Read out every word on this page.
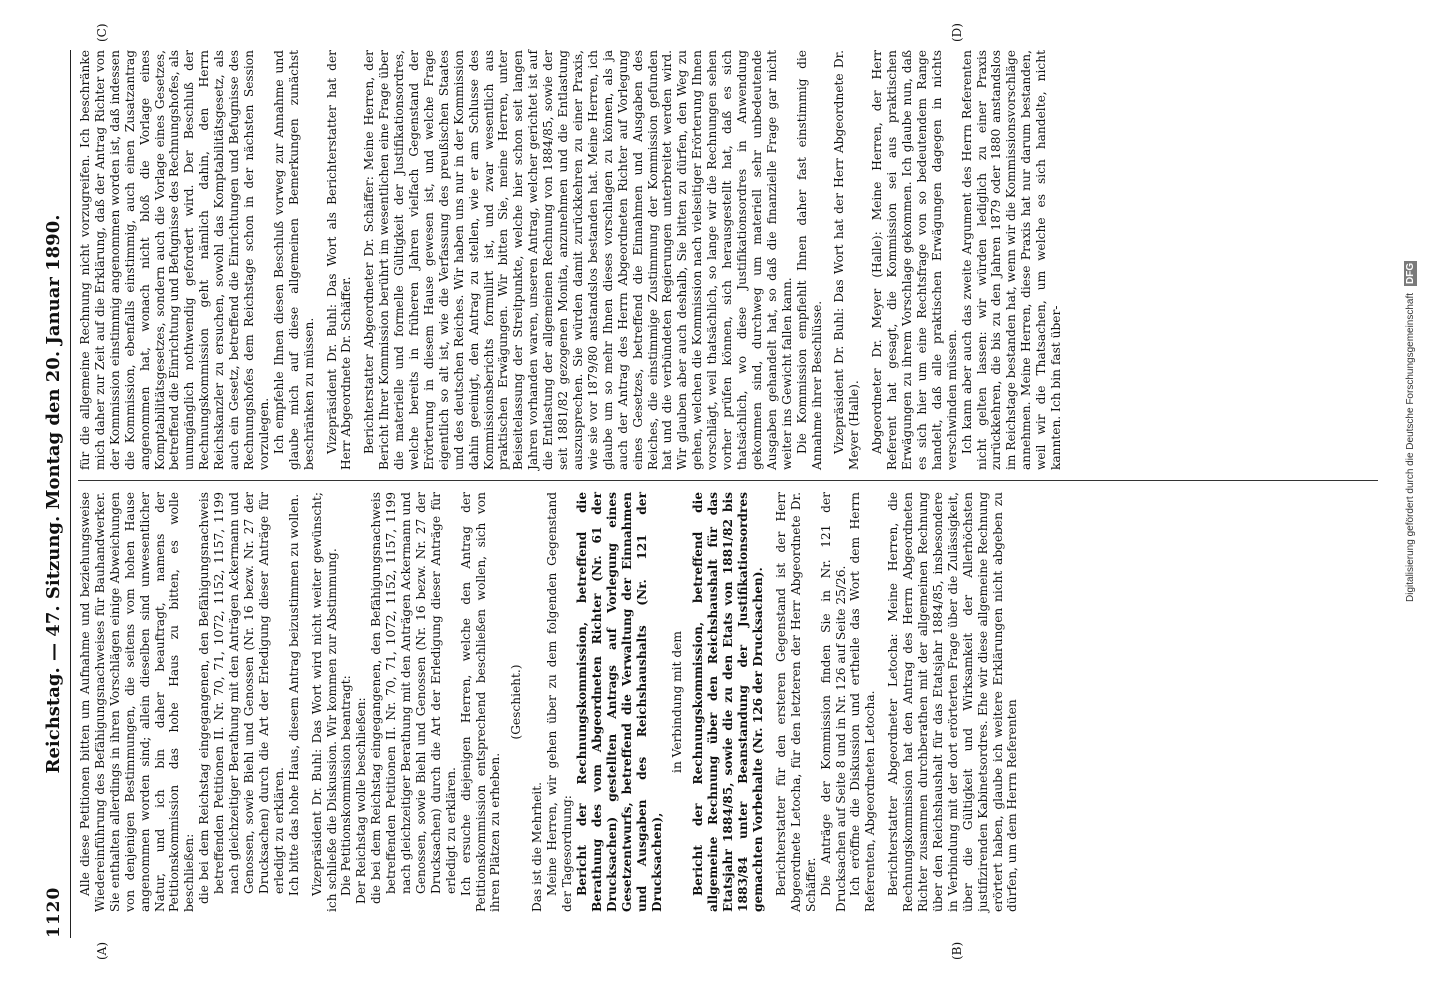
1120
Reichstag. — 47. Sitzung. Montag den 20. Januar 1890.
(A)	(B)
(C)	(D)

Alle diese Petitionen bitten um Aufnahme und beziehungsweise Wiedereinführung des Befähigungsnachweises für Bauhandwerker. Sie enthalten allerdings in ihren Vorschlägen einige Abweichungen von denjenigen Bestimmungen, die seitens vom hohen Hause angenommen worden sind; allein dieselben sind unwesentlicher Natur, und ich bin daher beauftragt, namens der Petitionskommission das hohe Haus zu bitten, es wolle beschließen: die bei dem Reichstag eingegangenen, den Befähigungsnachweis betreffenden Petitionen II. Nr. 70, 71, 1072, 1152, 1157, 1199 nach gleichzeitiger Berathung mit den Anträgen Ackermann und Genossen, sowie Biehl und Genossen (Nr. 16 bezw. Nr. 27 der Drucksachen) durch die Art der Erledigung dieser Anträge für erledigt zu erklären. Ich bitte das hohe Haus, diesem Antrag beizustimmen zu wollen. Vizepräsident Dr. Buhl: Das Wort wird nicht weiter gewünscht; ich schließe die Diskussion. Wir kommen zur Abstimmung. Die Petitionskommission beantragt: Der Reichstag wolle beschließen: die bei dem Reichstag eingegangenen, den Befähigungsnachweis betreffenden Petitionen II. Nr. 70, 71, 1072, 1152, 1157, 1199 nach gleichzeitiger Berathung mit den Anträgen Ackermann und Genossen, sowie Biehl und Genossen (Nr. 16 bezw. Nr. 27 der Drucksachen) durch die Art der Erledigung dieser Anträge für erledigt zu erklären. Ich ersuche diejenigen Herren, welche den Antrag der Petitionskommission entsprechend beschließen wollen, sich von ihren Plätzen zu erheben.

(Geschieht.)

Das ist die Mehrheit. Meine Herren, wir gehen über zu dem folgenden Gegenstand der Tagesordnung: Bericht der Rechnungskommission, betreffend die Berathung des vom Abgeordneten Richter (Nr. 61 der Drucksachen) gestellten Antrags auf Vorlegung eines Gesetzentwurfs, betreffend die Verwaltung der Einnahmen und Ausgaben des Reichshaushalts (Nr. 121 der Drucksachen),

in Verbindung mit dem Bericht der Rechnungskommission, betreffend die allgemeine Rechnung über den Reichshaushalt für das Etatsjahr 1884/85, sowie die zu den Etats von 1881/82 bis 1883/84 unter Beanstandung der Justifikationsordres gemachten Vorbehalte (Nr. 126 der Drucksachen). Berichterstatter für den ersteren Gegenstand ist der Herr Abgeordnete Letocha, für den letzteren der Herr Abgeordnete Dr. Schäffer. Die Anträge der Kommission finden Sie in Nr. 121 der Drucksachen auf Seite 8 und in Nr. 126 auf Seite 25/26. Ich eröffne die Diskussion und ertheile das Wort dem Herrn Referenten, Abgeordneten Letocha. Berichterstatter Abgeordneter Letocha: Meine Herren, die Rechnungskommission hat den Antrag des Herrn Abgeordneten Richter zusammen durchberathen mit der allgemeinen Rechnung über den Reichshaushalt für das Etatsjahr 1884/85, insbesondere in Verbindung mit der dort erörterten Frage über die Zulässigkeit, über die Gültigkeit und Wirksamkeit der Allerhöchsten justifizirenden Kabinetsordres. Ehe wir diese allgemeine Rechnung erörtert haben, glaube ich weitere Erklärungen nicht abgeben zu dürfen, um dem Herrn Referenten

für die allgemeine Rechnung nicht vorzugreifen. Ich beschränke mich daher zur Zeit auf die Erklärung, daß der Antrag Richter von der Kommission einstimmig angenommen worden ist, daß indessen die Kommission, ebenfalls einstimmig, auch einen Zusatzantrag angenommen hat, wonach nicht bloß die Vorlage eines Komptabilitätsgesetzes, sondern auch die Vorlage eines Gesetzes, betreffend die Einrichtung und Befugnisse des Rechnungshofes, als unumgänglich nothwendig gefordert wird. Der Beschluß der Rechnungskommission geht nämlich dahin, den Herrn Reichskanzler zu ersuchen, sowohl das Komptabilitätsgesetz, als auch ein Gesetz, betreffend die Einrichtungen und Befugnisse des Rechnungshofes dem Reichstage schon in der nächsten Session vorzulegen. Ich empfehle Ihnen diesen Beschluß vorweg zur Annahme und glaube mich auf diese allgemeinen Bemerkungen zunächst beschränken zu müssen. Vizepräsident Dr. Buhl: Das Wort als Berichterstatter hat der Herr Abgeordnete Dr. Schäffer. Berichterstatter Abgeordneter Dr. Schäffer: Meine Herren, der Bericht Ihrer Kommission berührt im wesentlichen eine Frage über die materielle und formelle Gültigkeit der Justifikationsordres, welche bereits in früheren Jahren vielfach Gegenstand der Erörterung in diesem Hause gewesen ist, und welche Frage eigentlich so alt ist, wie die Verfassung des preußischen Staates und des deutschen Reiches. Wir haben uns nur in der Kommission dahin geeinigt, den Antrag zu stellen, wie er am Schlusse des Kommissionsberichts formulirt ist, und zwar wesentlich aus praktischen Erwägungen. Wir bitten Sie, meine Herren, unter Beiseitelassung der Streitpunkte, welche hier schon seit langen Jahren vorhanden waren, unseren Antrag, welcher gerichtet ist auf die Entlastung der allgemeinen Rechnung von 1884/85, sowie der seit 1881/82 gezogenen Monita, anzunehmen und die Entlastung auszusprechen. Sie würden damit zurückkehren zu einer Praxis, wie sie vor 1879/80 anstandslos bestanden hat. Meine Herren, ich glaube um so mehr Ihnen dieses vorschlagen zu können, als ja auch der Antrag des Herrn Abgeordneten Richter auf Vorlegung eines Gesetzes, betreffend die Einnahmen und Ausgaben des Reiches, die einstimmige Zustimmung der Kommission gefunden hat und die verbündeten Regierungen unterbreitet werden wird. Wir glauben aber auch deshalb, Sie bitten zu dürfen, den Weg zu gehen, welchen die Kommission nach vielseitiger Erörterung Ihnen vorschlägt, weil thatsächlich, so lange wir die Rechnungen sehen vorher prüfen können, sich herausgestellt hat, daß es sich thatsächlich, wo diese Justifikationsordres in Anwendung gekommen sind, durchweg um materiell sehr unbedeutende Ausgaben gehandelt hat, so daß die finanzielle Frage gar nicht weiter ins Gewicht fallen kann. Die Kommission empfiehlt Ihnen daher fast einstimmig die Annahme ihrer Beschlüsse. Vizepräsident Dr. Buhl: Das Wort hat der Herr Abgeordnete Dr. Meyer (Halle). Abgeordneter Dr. Meyer (Halle): Meine Herren, der Herr Referent hat gesagt, die Kommission sei aus praktischen Erwägungen zu ihrem Vorschlage gekommen. Ich glaube nun, daß es sich hier um eine Rechtsfrage von so bedeutendem Range handelt, daß alle praktischen Erwägungen dagegen in nichts verschwinden müssen. Ich kann aber auch das zweite Argument des Herrn Referenten nicht gelten lassen: wir würden lediglich zu einer Praxis zurückkehren, die bis zu den Jahren 1879 oder 1880 anstandslos im Reichstage bestanden hat, wenn wir die Kommissionsvorschläge annehmen. Meine Herren, diese Praxis hat nur darum bestanden, weil wir die Thatsachen, um welche es sich handelte, nicht kannten. Ich bin fast über-	Digitalisierung gefördert durch die Deutsche Forschungsgemeinschaft DFG
